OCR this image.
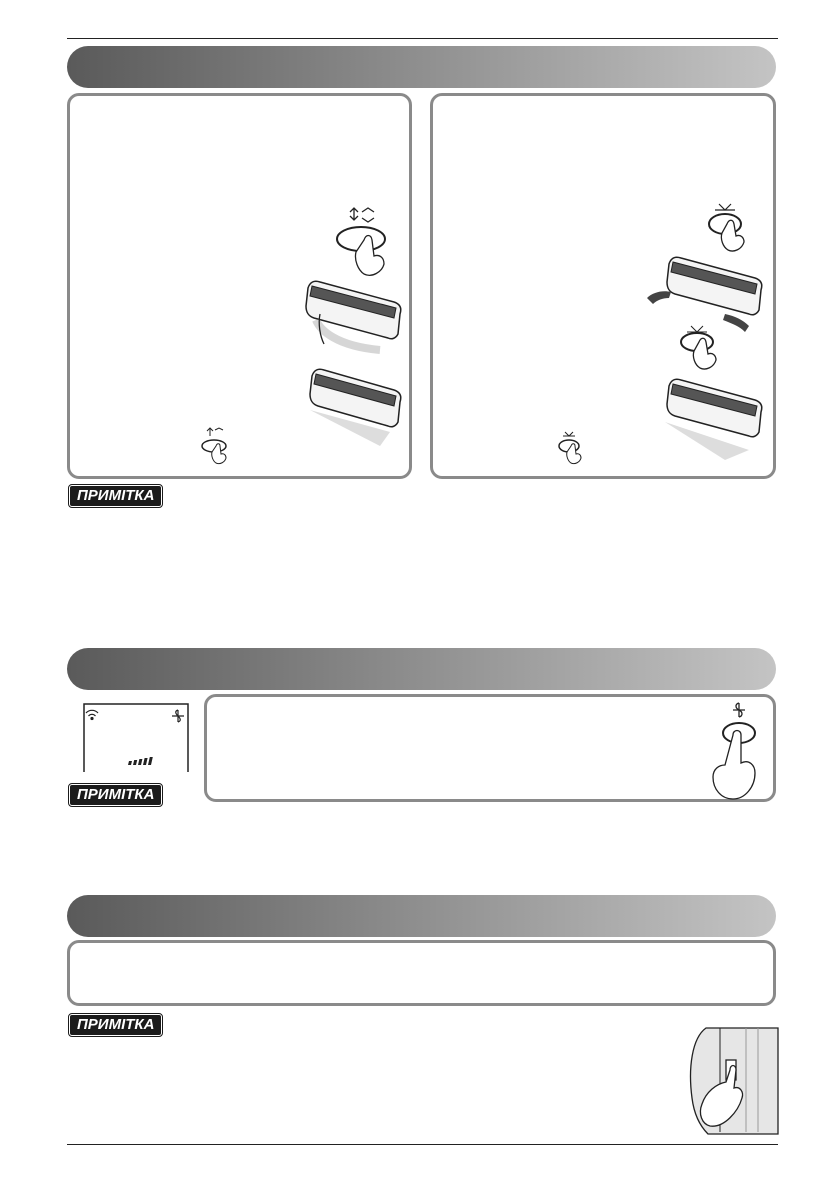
ПРИМІТКА
ПРИМІТКА
ПРИМІТКА
